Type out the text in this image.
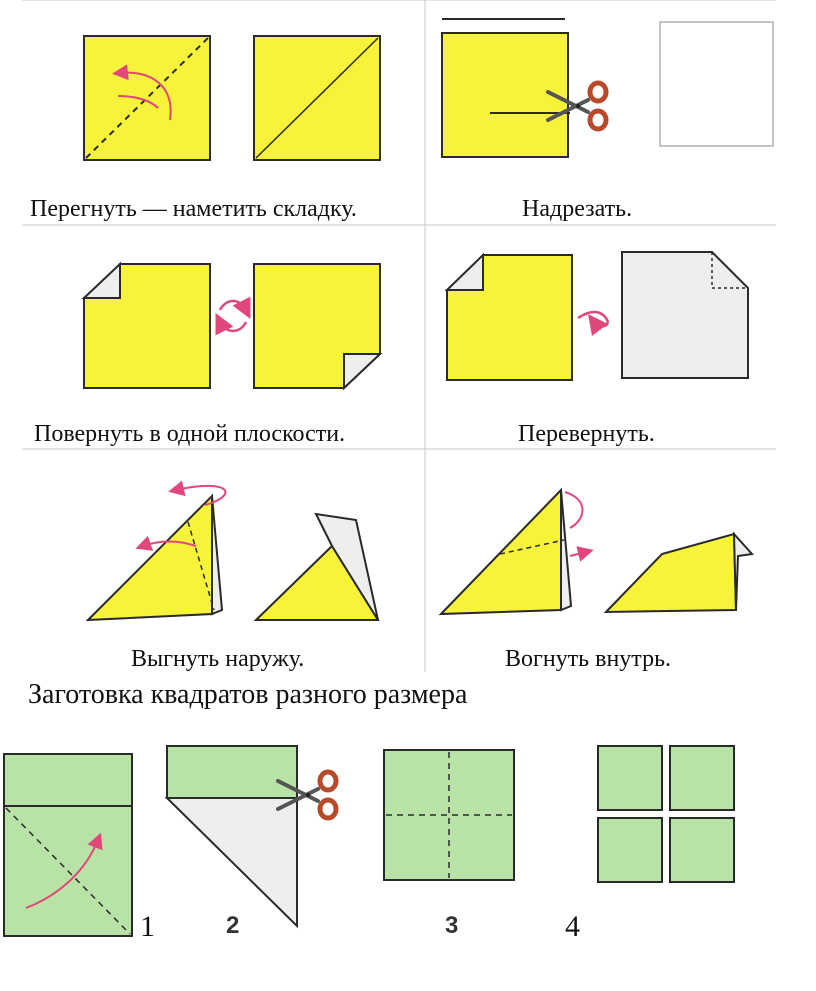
Перегнуть — наметить складку.	Надрезать.
Повернуть в одной плоскости.	Перевернуть.
Выгнуть наружу.	Вогнуть внутрь.
Заготовка квадратов разного размера
1	2	3	4
